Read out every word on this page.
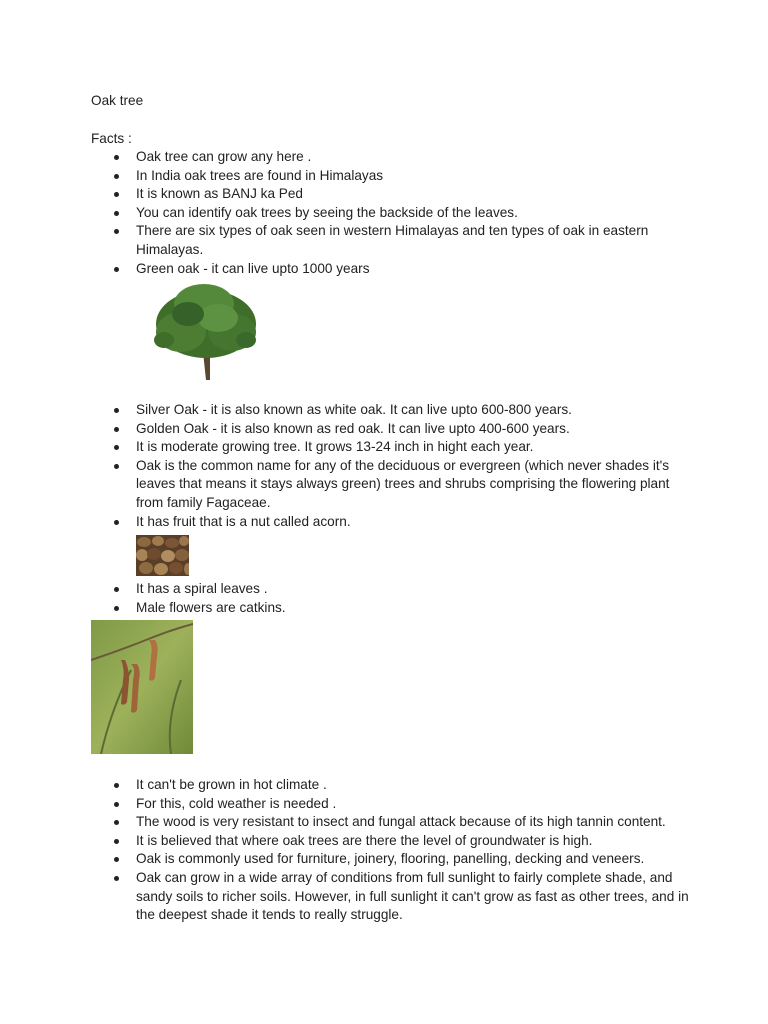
Oak tree
Facts :
Oak tree can grow any here .
In India oak trees are found in Himalayas
It is known as BANJ ka Ped
You can identify oak trees by seeing the backside of the leaves.
There are six types of oak seen in western Himalayas and ten types of oak in eastern Himalayas.
Green oak - it can live upto 1000 years
Silver Oak - it is also known as white oak. It can live upto 600-800 years.
Golden Oak - it is also known as red oak. It can live upto 400-600 years.
It is moderate growing tree. It grows 13-24 inch in hight each year.
Oak is the common name for any of the deciduous or evergreen (which never shades it's leaves that means it stays always green) trees and shrubs comprising the flowering plant from family Fagaceae.
It has fruit that is a nut called acorn.
It has a spiral leaves .
Male flowers are catkins.
It can't be grown in hot climate .
For this, cold weather is needed .
The wood is very resistant to insect and fungal attack because of its high tannin content.
It is believed that where oak trees are there the level of groundwater is high.
Oak is commonly used for furniture, joinery, flooring, panelling, decking and veneers.
Oak can grow in a wide array of conditions from full sunlight to fairly complete shade, and sandy soils to richer soils. However, in full sunlight it can't grow as fast as other trees, and in the deepest shade it tends to really struggle.
